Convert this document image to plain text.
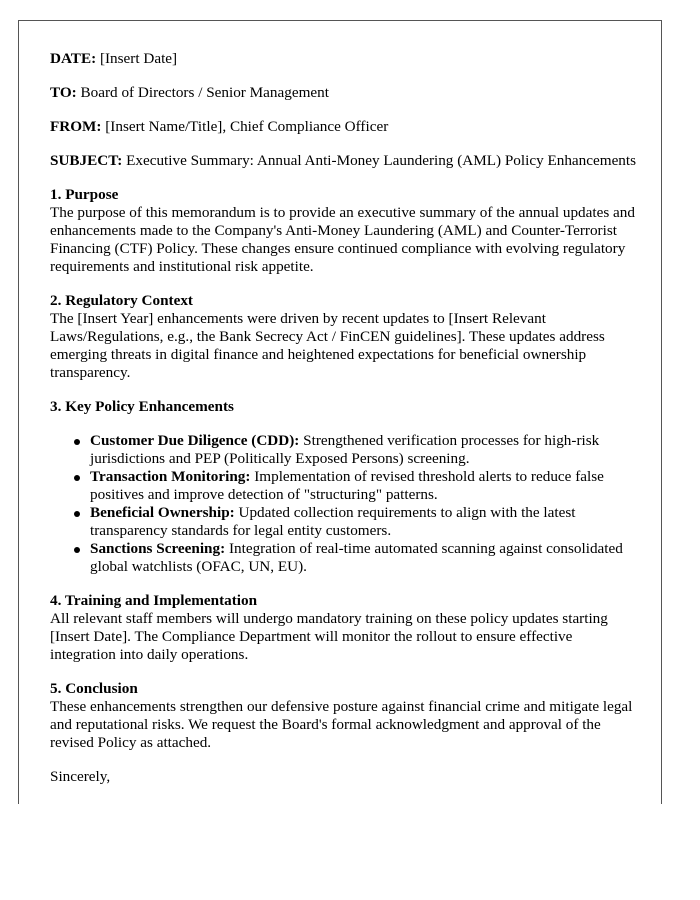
DATE: [Insert Date]
TO: Board of Directors / Senior Management
FROM: [Insert Name/Title], Chief Compliance Officer
SUBJECT: Executive Summary: Annual Anti-Money Laundering (AML) Policy Enhancements
1. Purpose
The purpose of this memorandum is to provide an executive summary of the annual updates and enhancements made to the Company's Anti-Money Laundering (AML) and Counter-Terrorist Financing (CTF) Policy. These changes ensure continued compliance with evolving regulatory requirements and institutional risk appetite.
2. Regulatory Context
The [Insert Year] enhancements were driven by recent updates to [Insert Relevant Laws/Regulations, e.g., the Bank Secrecy Act / FinCEN guidelines]. These updates address emerging threats in digital finance and heightened expectations for beneficial ownership transparency.
3. Key Policy Enhancements
Customer Due Diligence (CDD): Strengthened verification processes for high-risk jurisdictions and PEP (Politically Exposed Persons) screening.
Transaction Monitoring: Implementation of revised threshold alerts to reduce false positives and improve detection of "structuring" patterns.
Beneficial Ownership: Updated collection requirements to align with the latest transparency standards for legal entity customers.
Sanctions Screening: Integration of real-time automated scanning against consolidated global watchlists (OFAC, UN, EU).
4. Training and Implementation
All relevant staff members will undergo mandatory training on these policy updates starting [Insert Date]. The Compliance Department will monitor the rollout to ensure effective integration into daily operations.
5. Conclusion
These enhancements strengthen our defensive posture against financial crime and mitigate legal and reputational risks. We request the Board's formal acknowledgment and approval of the revised Policy as attached.
Sincerely,
